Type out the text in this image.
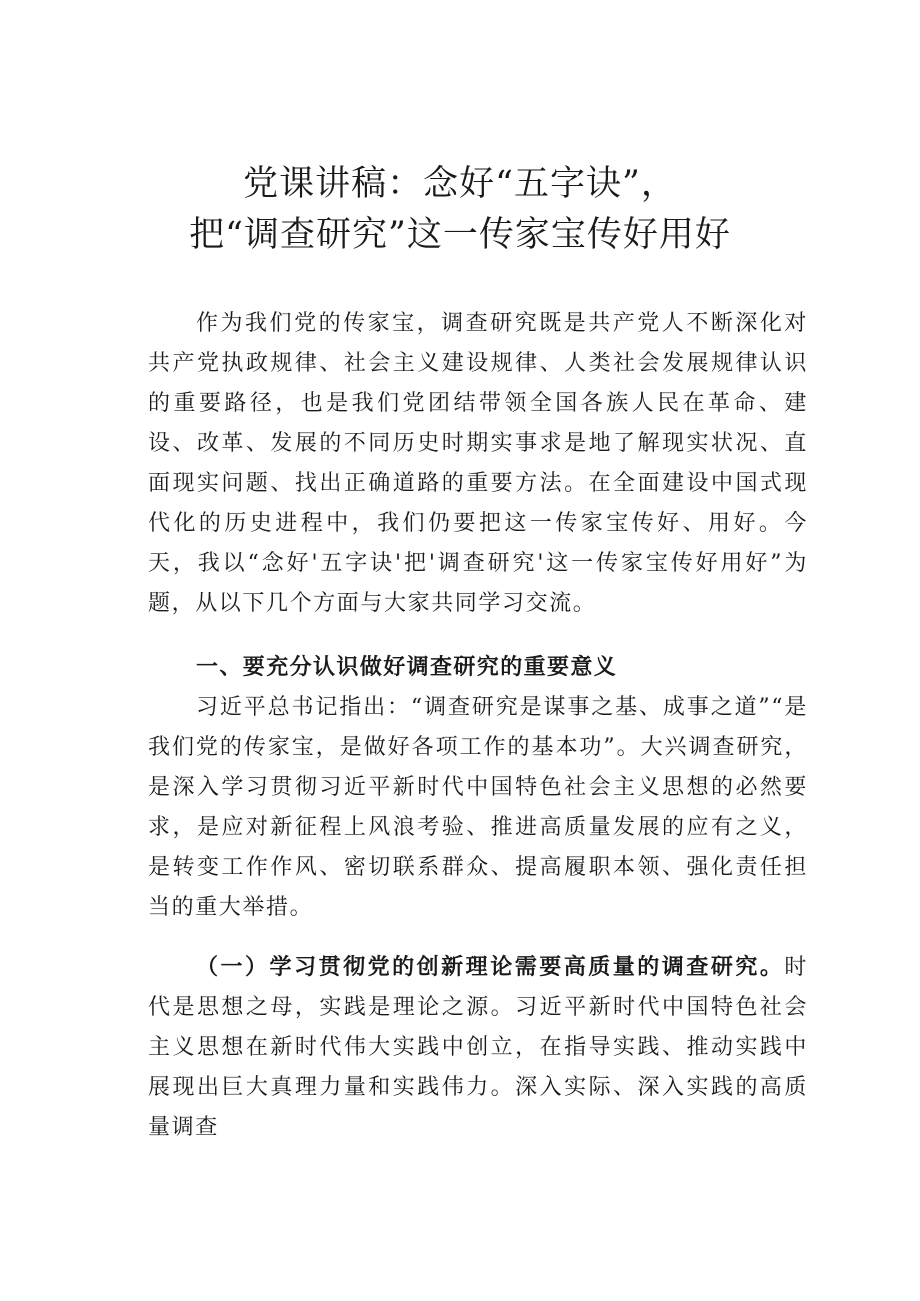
党课讲稿：念好“五字诀”，
把“调查研究”这一传家宝传好用好

作为我们党的传家宝，调查研究既是共产党人不断深化对共产党执政规律、社会主义建设规律、人类社会发展规律认识的重要路径，也是我们党团结带领全国各族人民在革命、建设、改革、发展的不同历史时期实事求是地了解现实状况、直面现实问题、找出正确道路的重要方法。在全面建设中国式现代化的历史进程中，我们仍要把这一传家宝传好、用好。今天，我以“念好'五字诀'把'调查研究'这一传家宝传好用好”为题，从以下几个方面与大家共同学习交流。

一、要充分认识做好调查研究的重要意义

习近平总书记指出：“调查研究是谋事之基、成事之道”“是我们党的传家宝，是做好各项工作的基本功”。大兴调查研究，是深入学习贯彻习近平新时代中国特色社会主义思想的必然要求，是应对新征程上风浪考验、推进高质量发展的应有之义，是转变工作作风、密切联系群众、提高履职本领、强化责任担当的重大举措。

（一）学习贯彻党的创新理论需要高质量的调查研究。时代是思想之母，实践是理论之源。习近平新时代中国特色社会主义思想在新时代伟大实践中创立，在指导实践、推动实践中展现出巨大真理力量和实践伟力。深入实际、深入实践的高质量调查
